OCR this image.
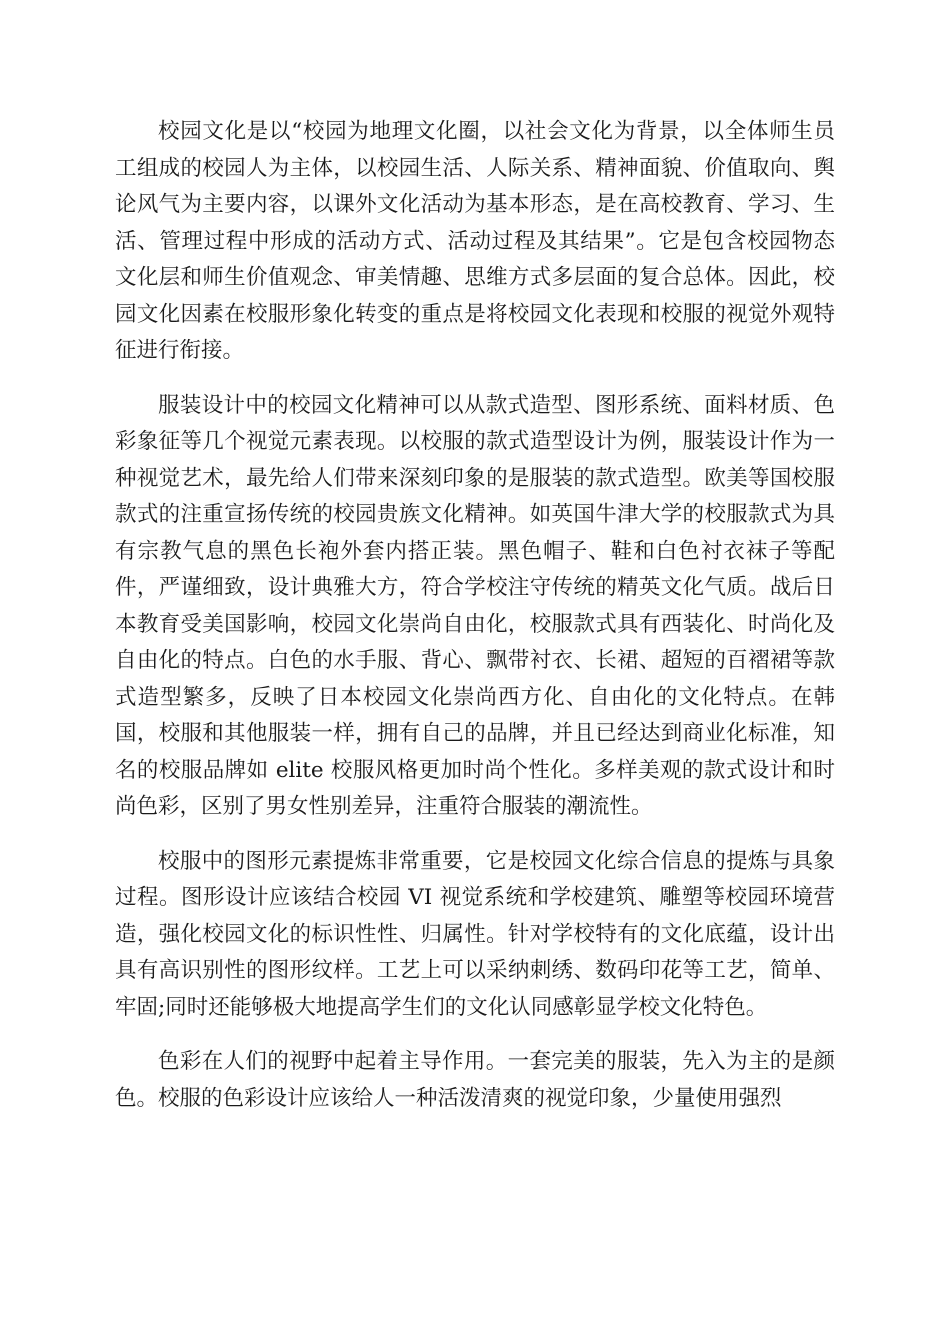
校园文化是以“校园为地理文化圈，以社会文化为背景，以全体师生员工组成的校园人为主体，以校园生活、人际关系、精神面貌、价值取向、舆论风气为主要内容，以课外文化活动为基本形态，是在高校教育、学习、生活、管理过程中形成的活动方式、活动过程及其结果”。它是包含校园物态文化层和师生价值观念、审美情趣、思维方式多层面的复合总体。因此，校园文化因素在校服形象化转变的重点是将校园文化表现和校服的视觉外观特征进行衔接。

服装设计中的校园文化精神可以从款式造型、图形系统、面料材质、色彩象征等几个视觉元素表现。以校服的款式造型设计为例，服装设计作为一种视觉艺术，最先给人们带来深刻印象的是服装的款式造型。欧美等国校服款式的注重宣扬传统的校园贵族文化精神。如英国牛津大学的校服款式为具有宗教气息的黑色长袍外套内搭正装。黑色帽子、鞋和白色衬衣袜子等配件，严谨细致，设计典雅大方，符合学校注守传统的精英文化气质。战后日本教育受美国影响，校园文化崇尚自由化，校服款式具有西装化、时尚化及自由化的特点。白色的水手服、背心、飘带衬衣、长裙、超短的百褶裙等款式造型繁多，反映了日本校园文化崇尚西方化、自由化的文化特点。在韩国，校服和其他服装一样，拥有自己的品牌，并且已经达到商业化标准，知名的校服品牌如 elite 校服风格更加时尚个性化。多样美观的款式设计和时尚色彩，区别了男女性别差异，注重符合服装的潮流性。

校服中的图形元素提炼非常重要，它是校园文化综合信息的提炼与具象过程。图形设计应该结合校园 VI 视觉系统和学校建筑、雕塑等校园环境营造，强化校园文化的标识性性、归属性。针对学校特有的文化底蕴，设计出具有高识别性的图形纹样。工艺上可以采纳刺绣、数码印花等工艺，简单、牢固;同时还能够极大地提高学生们的文化认同感彰显学校文化特色。

色彩在人们的视野中起着主导作用。一套完美的服装，先入为主的是颜色。校服的色彩设计应该给人一种活泼清爽的视觉印象，少量使用强烈
